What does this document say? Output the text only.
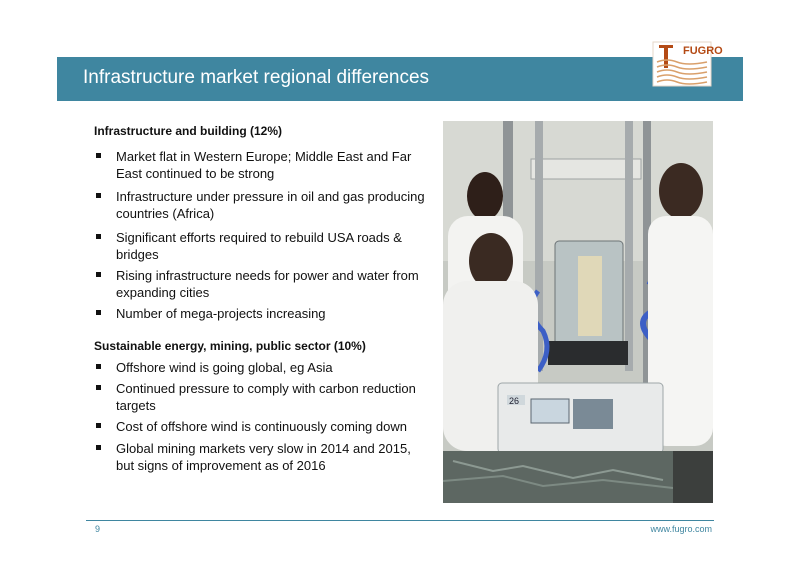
Infrastructure market regional differences
FUGRO
Infrastructure and building (12%)
Market flat in Western Europe; Middle East and Far East continued to be strong
Infrastructure under pressure in oil and gas producing countries (Africa)
Significant efforts required to rebuild USA roads & bridges
Rising infrastructure needs for power and water from expanding cities
Number of mega-projects increasing
Sustainable energy, mining, public sector (10%)
Offshore wind is going global, eg Asia
Continued pressure to comply with carbon reduction targets
Cost of offshore wind is continuously coming down
Global mining markets very slow in 2014 and 2015, but signs of improvement as of 2016
26
9	www.fugro.com
